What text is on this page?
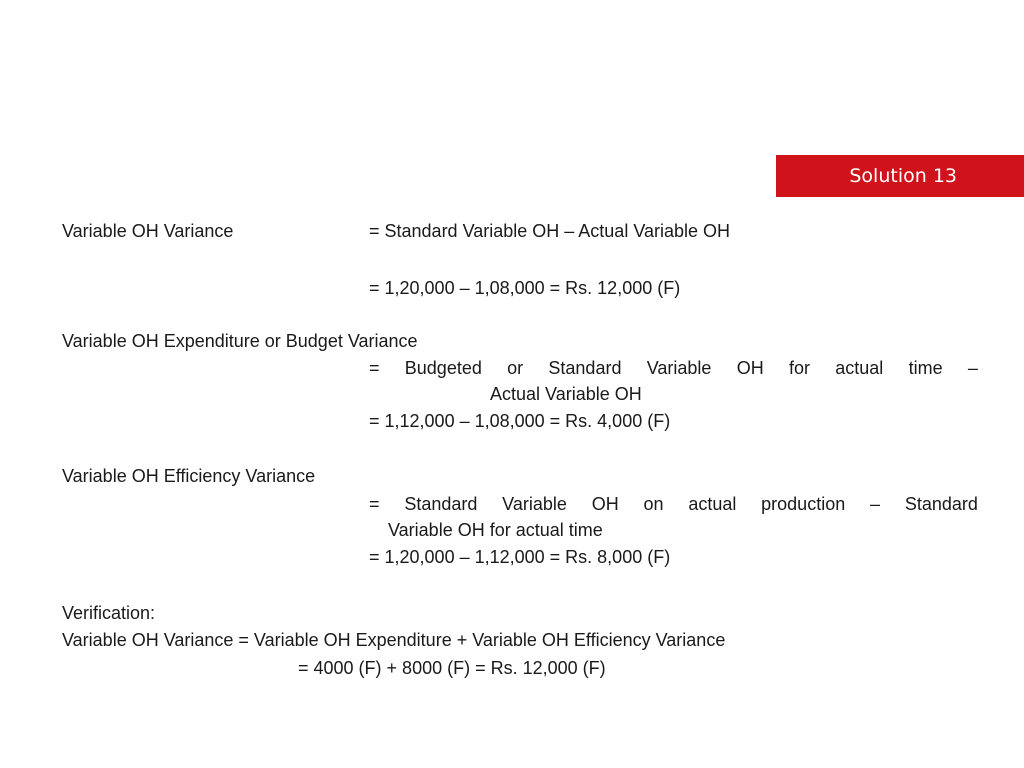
Solution 13
Variable OH Variance	= Standard Variable OH – Actual Variable OH
= 1,20,000 – 1,08,000 = Rs. 12,000 (F)
Variable OH Expenditure or Budget Variance
= Budgeted or Standard Variable OH for actual time –
Actual Variable OH
= 1,12,000 – 1,08,000 = Rs. 4,000 (F)
Variable OH Efficiency Variance
= Standard Variable OH on actual production – Standard
Variable OH for actual time
= 1,20,000 – 1,12,000 = Rs. 8,000 (F)
Verification:
Variable OH Variance = Variable OH Expenditure + Variable OH Efficiency Variance
= 4000 (F) + 8000 (F) = Rs. 12,000 (F)
